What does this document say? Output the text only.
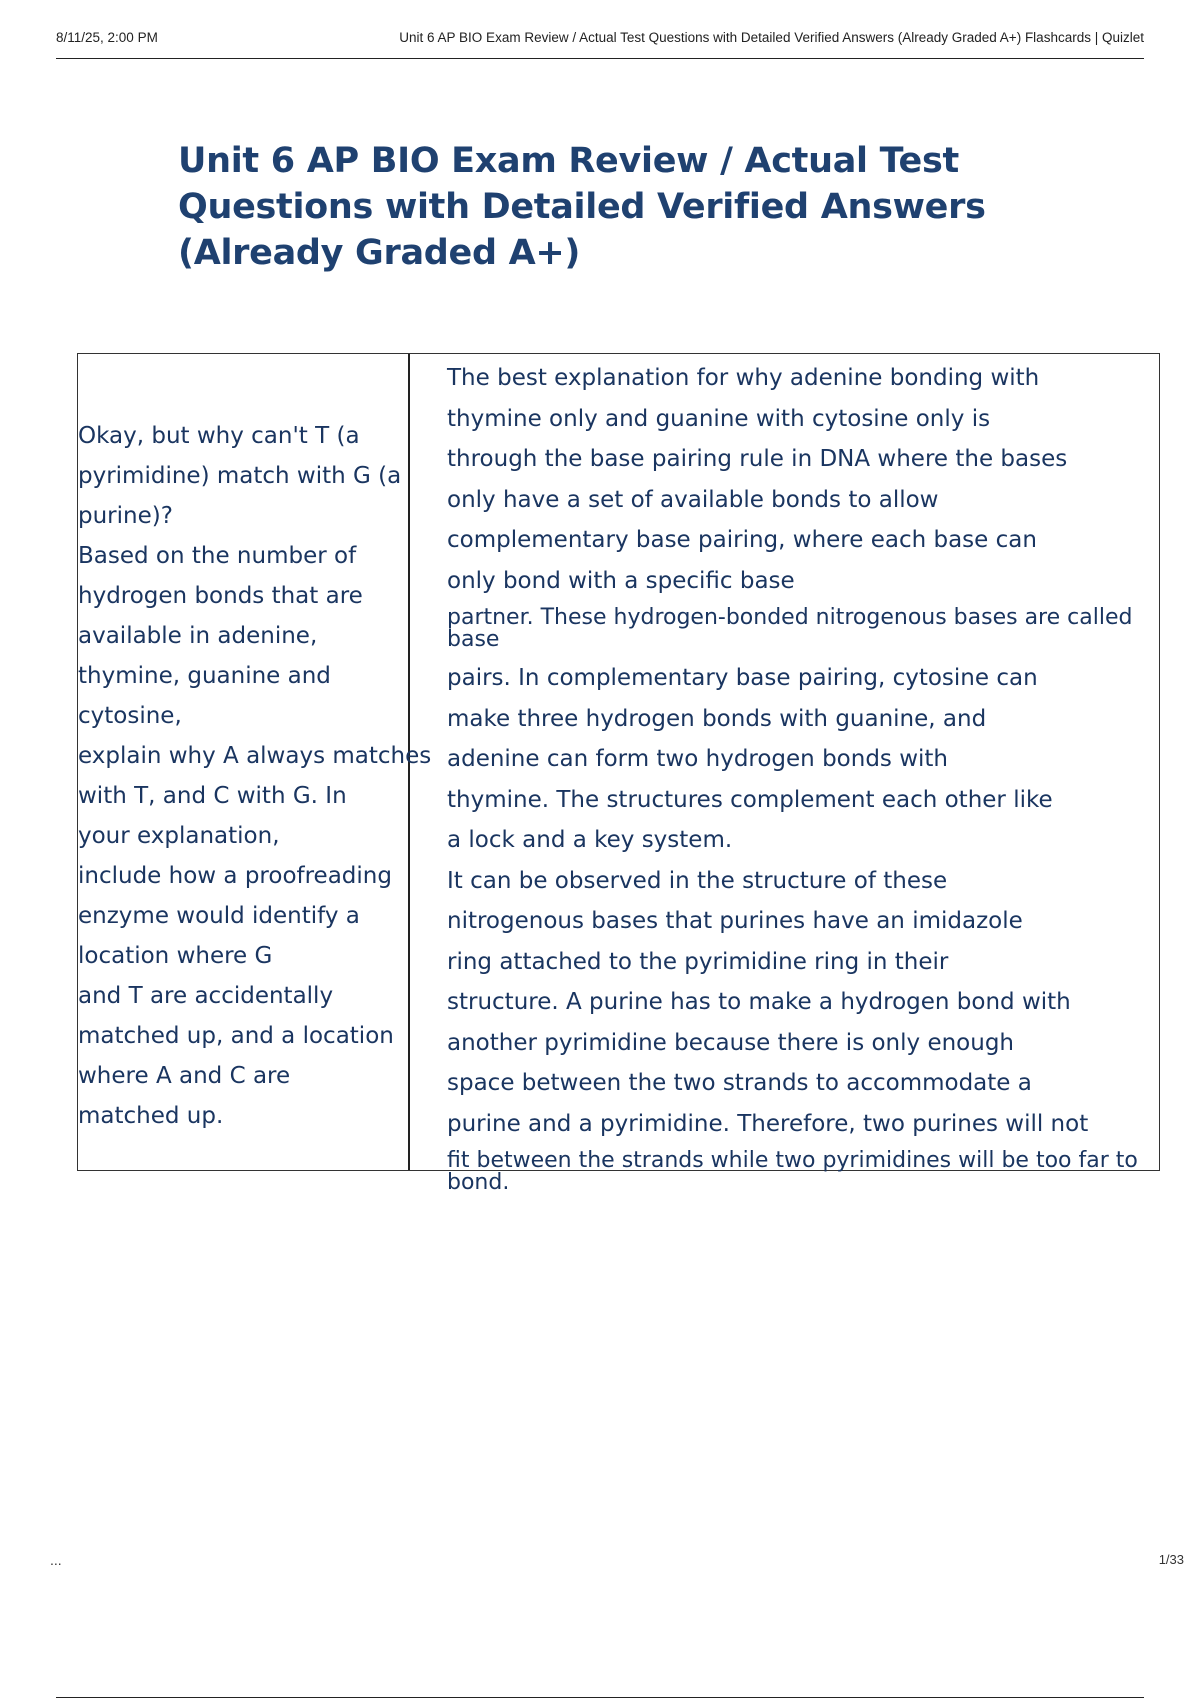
8/11/25, 2:00 PM	Unit 6 AP BIO Exam Review / Actual Test Questions with Detailed Verified Answers (Already Graded A+) Flashcards | Quizlet
Unit 6 AP BIO Exam Review / Actual Test Questions with Detailed Verified Answers (Already Graded A+)
Okay, but why can't T (a
pyrimidine) match with G (a
purine)?
Based on the number of
hydrogen bonds that are
available in adenine,
thymine, guanine and
cytosine,
explain why A always matches
with T, and C with G. In
your explanation,
include how a proofreading
enzyme would identify a
location where G
and T are accidentally
matched up, and a location
where A and C are
matched up.
The best explanation for why adenine bonding with
thymine only and guanine with cytosine only is
through the base pairing rule in DNA where the bases
only have a set of available bonds to allow
complementary base pairing, where each base can
only bond with a specific base
partner. These hydrogen-bonded nitrogenous bases are called base
pairs. In complementary base pairing, cytosine can
make three hydrogen bonds with guanine, and
adenine can form two hydrogen bonds with
thymine. The structures complement each other like
a lock and a key system.
It can be observed in the structure of these
nitrogenous bases that purines have an imidazole
ring attached to the pyrimidine ring in their
structure. A purine has to make a hydrogen bond with
another pyrimidine because there is only enough
space between the two strands to accommodate a
purine and a pyrimidine. Therefore, two purines will not
fit between the strands while two pyrimidines will be too far to bond.
...	1/33
